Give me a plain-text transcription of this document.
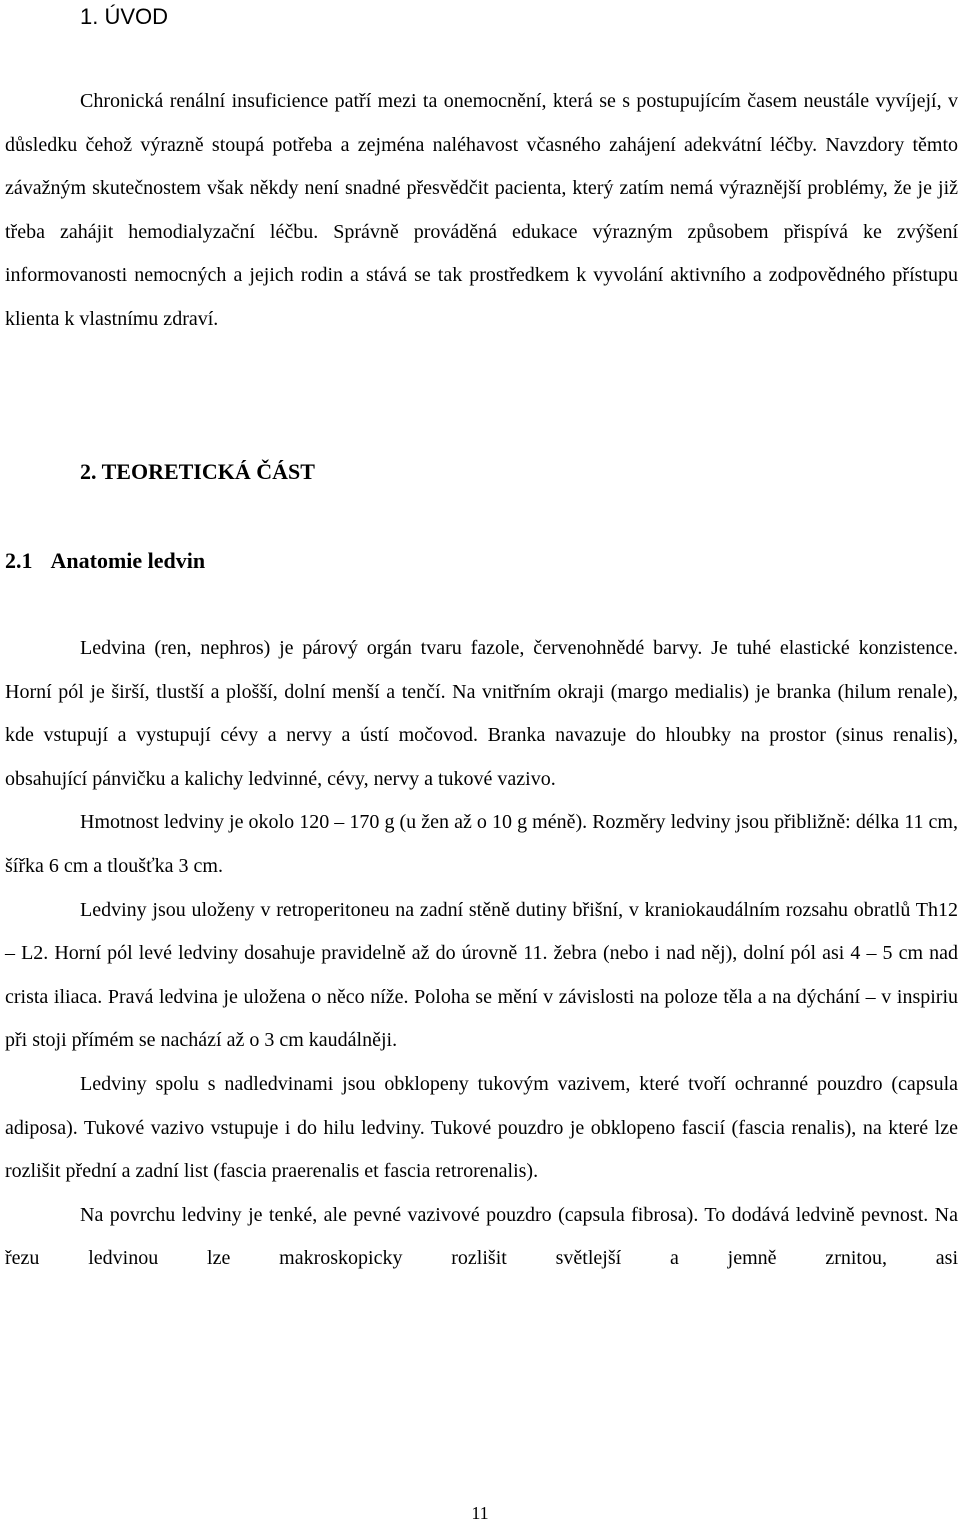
1. ÚVOD

Chronická renální insuficience patří mezi ta onemocnění, která se s postupujícím časem neustále vyvíjejí, v důsledku čehož výrazně stoupá potřeba a zejména naléhavost včasného zahájení adekvátní léčby. Navzdory těmto závažným skutečnostem však někdy není snadné přesvědčit pacienta, který zatím nemá výraznější problémy, že je již třeba zahájit hemodialyzační léčbu. Správně prováděná edukace výrazným způsobem přispívá ke zvýšení informovanosti nemocných a jejich rodin a stává se tak prostředkem k vyvolání aktivního a zodpovědného přístupu klienta k vlastnímu zdraví.

2. TEORETICKÁ ČÁST
2.1 Anatomie ledvin

Ledvina (ren, nephros) je párový orgán tvaru fazole, červenohnědé barvy. Je tuhé elastické konzistence. Horní pól je širší, tlustší a plošší, dolní menší a tenčí. Na vnitřním okraji (margo medialis) je branka (hilum renale), kde vstupují a vystupují cévy a nervy a ústí močovod. Branka navazuje do hloubky na prostor (sinus renalis), obsahující pánvičku a kalichy ledvinné, cévy, nervy a tukové vazivo.

Hmotnost ledviny je okolo 120 – 170 g (u žen až o 10 g méně). Rozměry ledviny jsou přibližně: délka 11 cm, šířka 6 cm a tloušťka 3 cm.

Ledviny jsou uloženy v retroperitoneu na zadní stěně dutiny břišní, v kraniokaudálním rozsahu obratlů Th12 – L2. Horní pól levé ledviny dosahuje pravidelně až do úrovně 11. žebra (nebo i nad něj), dolní pól asi 4 – 5 cm nad crista iliaca. Pravá ledvina je uložena o něco níže. Poloha se mění v závislosti na poloze těla a na dýchání – v inspiriu při stoji přímém se nachází až o 3 cm kaudálněji.

Ledviny spolu s nadledvinami jsou obklopeny tukovým vazivem, které tvoří ochranné pouzdro (capsula adiposa). Tukové vazivo vstupuje i do hilu ledviny. Tukové pouzdro je obklopeno fascií (fascia renalis), na které lze rozlišit přední a zadní list (fascia praerenalis et fascia retrorenalis).

Na povrchu ledviny je tenké, ale pevné vazivové pouzdro (capsula fibrosa). To dodává ledvině pevnost. Na řezu ledvinou lze makroskopicky rozlišit světlejší a jemně zrnitou, asi

11
